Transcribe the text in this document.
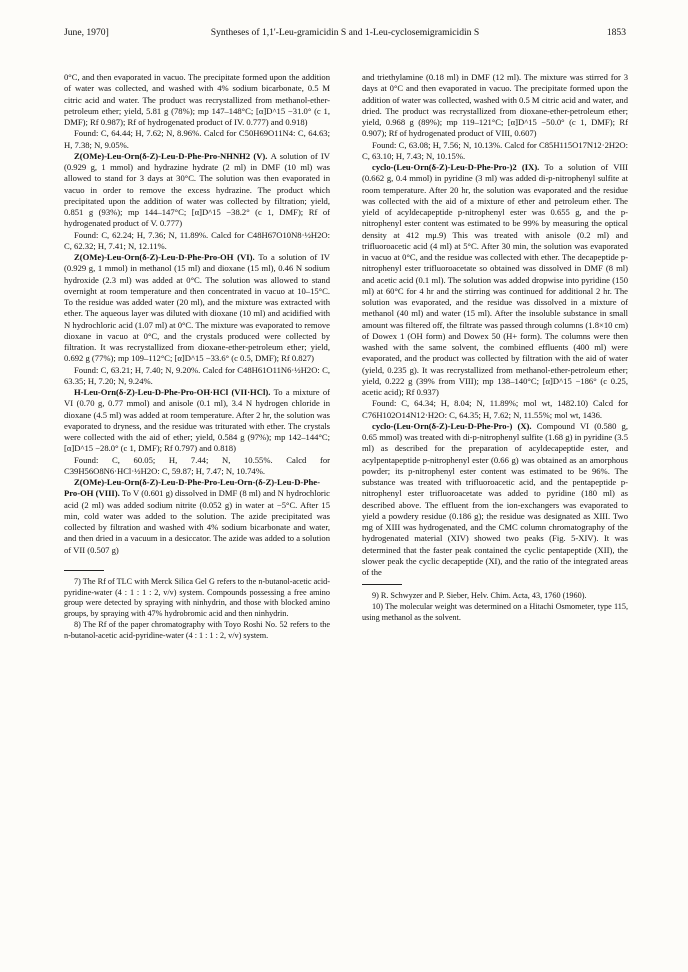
June, 1970]	Syntheses of 1,1'-Leu-gramicidin S and 1-Leu-cyclosemigramicidin S	1853

0°C, and then evaporated in vacuo. The precipitate formed upon the addition of water was collected, and washed with 4% sodium bicarbonate, 0.5 M citric acid and water. The product was recrystallized from methanol-ether-petroleum ether; yield, 5.81 g (78%); mp 147–148°C; [α]D^15 −31.0° (c 1, DMF); Rf 0.987); Rf of hydrogenated product of IV. 0.777) and 0.918)

Found: C, 64.44; H, 7.62; N, 8.96%. Calcd for C50H69O11N4: C, 64.63; H, 7.38; N, 9.05%.

Z(OMe)-Leu-Orn(δ-Z)-Leu-D-Phe-Pro-NHNH2 (V). A solution of IV (0.929 g, 1 mmol) and hydrazine hydrate (2 ml) in DMF (10 ml) was allowed to stand for 3 days at 30°C. The solution was then evaporated in vacuo in order to remove the excess hydrazine. The product which precipitated upon the addition of water was collected by filtration; yield, 0.851 g (93%); mp 144–147°C; [α]D^15 −38.2° (c 1, DMF); Rf of hydrogenated product of V. 0.777)

Found: C, 62.24; H, 7.36; N, 11.89%. Calcd for C48H67O10N8·½H2O: C, 62.32; H, 7.41; N, 12.11%.

Z(OMe)-Leu-Orn(δ-Z)-Leu-D-Phe-Pro-OH (VI). To a solution of IV (0.929 g, 1 mmol) in methanol (15 ml) and dioxane (15 ml), 0.46 N sodium hydroxide (2.3 ml) was added at 0°C. The solution was allowed to stand overnight at room temperature and then concentrated in vacuo at 10–15°C. To the residue was added water (20 ml), and the mixture was extracted with ether. The aqueous layer was diluted with dioxane (10 ml) and acidified with N hydrochloric acid (1.07 ml) at 0°C. The mixture was evaporated to remove dioxane in vacuo at 0°C, and the crystals produced were collected by filtration. It was recrystallized from dioxane-ether-petroleum ether; yield, 0.692 g (77%); mp 109–112°C; [α]D^15 −33.6° (c 0.5, DMF); Rf 0.827)

Found: C, 63.21; H, 7.40; N, 9.20%. Calcd for C48H61O11N6·½H2O: C, 63.35; H, 7.20; N, 9.24%.

H-Leu-Orn(δ-Z)-Leu-D-Phe-Pro-OH·HCl (VII·HCl). To a mixture of VI (0.70 g, 0.77 mmol) and anisole (0.1 ml), 3.4 N hydrogen chloride in dioxane (4.5 ml) was added at room temperature. After 2 hr, the solution was evaporated to dryness, and the residue was triturated with ether. The crystals were collected with the aid of ether; yield, 0.584 g (97%); mp 142–144°C; [α]D^15 −28.0° (c 1, DMF); Rf 0.797) and 0.818)

Found: C, 60.05; H, 7.44; N, 10.55%. Calcd for C39H56O8N6·HCl·½H2O: C, 59.87; H, 7.47; N, 10.74%.

Z(OMe)-Leu-Orn(δ-Z)-Leu-D-Phe-Pro-Leu-Orn-(δ-Z)-Leu-D-Phe-Pro-OH (VIII). To V (0.601 g) dissolved in DMF (8 ml) and N hydrochloric acid (2 ml) was added sodium nitrite (0.052 g) in water at −5°C. After 15 min, cold water was added to the solution. The azide precipitated was collected by filtration and washed with 4% sodium bicarbonate and water, and then dried in a vacuum in a desiccator. The azide was added to a solution of VII (0.507 g)

7) The Rf of TLC with Merck Silica Gel G refers to the n-butanol-acetic acid-pyridine-water (4 : 1 : 1 : 2, v/v) system. Compounds possessing a free amino group were detected by spraying with ninhydrin, and those with blocked amino groups, by spraying with 47% hydrobromic acid and then ninhydrin.

8) The Rf of the paper chromatography with Toyo Roshi No. 52 refers to the n-butanol-acetic acid-pyridine-water (4 : 1 : 1 : 2, v/v) system.

and triethylamine (0.18 ml) in DMF (12 ml). The mixture was stirred for 3 days at 0°C and then evaporated in vacuo. The precipitate formed upon the addition of water was collected, washed with 0.5 M citric acid and water, and dried. The product was recrystallized from dioxane-ether-petroleum ether; yield, 0.968 g (89%); mp 119–121°C; [α]D^15 −50.0° (c 1, DMF); Rf 0.907); Rf of hydrogenated product of VIII, 0.607)

Found: C, 63.08; H, 7.56; N, 10.13%. Calcd for C85H115O17N12·2H2O: C, 63.10; H, 7.43; N, 10.15%.

cyclo-(Leu-Orn(δ-Z)-Leu-D-Phe-Pro-)2 (IX). To a solution of VIII (0.662 g, 0.4 mmol) in pyridine (3 ml) was added di-p-nitrophenyl sulfite at room temperature. After 20 hr, the solution was evaporated and the residue was collected with the aid of a mixture of ether and petroleum ether. The yield of acyldecapeptide p-nitrophenyl ester was 0.655 g, and the p-nitrophenyl ester content was estimated to be 99% by measuring the optical density at 412 mμ.9) This was treated with anisole (0.2 ml) and trifluoroacetic acid (4 ml) at 5°C. After 30 min, the solution was evaporated in vacuo at 0°C, and the residue was collected with ether. The decapeptide p-nitrophenyl ester trifluoroacetate so obtained was dissolved in DMF (8 ml) and acetic acid (0.1 ml). The solution was added dropwise into pyridine (150 ml) at 60°C for 4 hr and the stirring was continued for additional 2 hr. The solution was evaporated, and the residue was dissolved in a mixture of methanol (40 ml) and water (15 ml). After the insoluble substance in small amount was filtered off, the filtrate was passed through columns (1.8×10 cm) of Dowex 1 (OH form) and Dowex 50 (H+ form). The columns were then washed with the same solvent, the combined effluents (400 ml) were evaporated, and the product was collected by filtration with the aid of water (yield, 0.235 g). It was recrystallized from methanol-ether-petroleum ether; yield, 0.222 g (39% from VIII); mp 138–140°C; [α]D^15 −186° (c 0.25, acetic acid); Rf 0.937)

Found: C, 64.34; H, 8.04; N, 11.89%; mol wt, 1482.10) Calcd for C76H102O14N12·H2O: C, 64.35; H, 7.62; N, 11.55%; mol wt, 1436.

cyclo-(Leu-Orn(δ-Z)-Leu-D-Phe-Pro-) (X). Compound VI (0.580 g, 0.65 mmol) was treated with di-p-nitrophenyl sulfite (1.68 g) in pyridine (3.5 ml) as described for the preparation of acyldecapeptide ester, and acylpentapeptide p-nitrophenyl ester (0.66 g) was obtained as an amorphous powder; its p-nitrophenyl ester content was estimated to be 96%. The substance was treated with trifluoroacetic acid, and the pentapeptide p-nitrophenyl ester trifluoroacetate was added to pyridine (180 ml) as described above. The effluent from the ion-exchangers was evaporated to yield a powdery residue (0.186 g); the residue was designated as XIII. Two mg of XIII was hydrogenated, and the CMC column chromatography of the hydrogenated material (XIV) showed two peaks (Fig. 5-XIV). It was determined that the faster peak contained the cyclic pentapeptide (XII), the slower peak the cyclic decapeptide (XI), and the ratio of the integrated areas of the

9) R. Schwyzer and P. Sieber, Helv. Chim. Acta, 43, 1760 (1960).

10) The molecular weight was determined on a Hitachi Osmometer, type 115, using methanol as the solvent.
